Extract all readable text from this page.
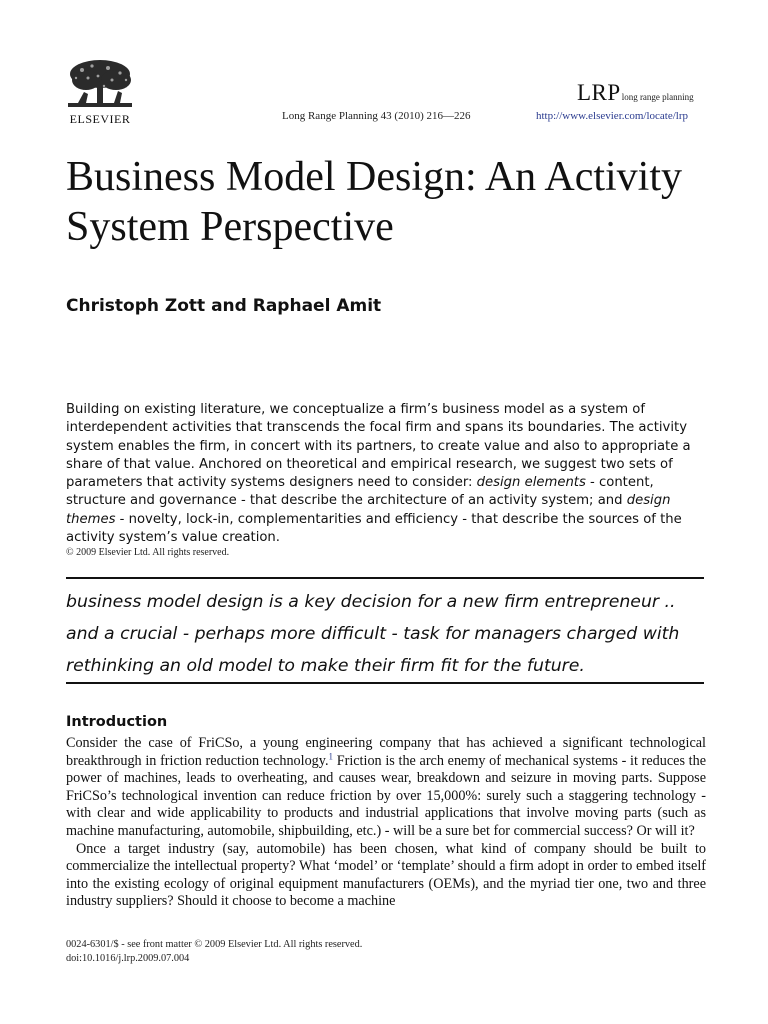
ELSEVIER	Long Range Planning 43 (2010) 216—226
LRPlong range planning
http://www.elsevier.com/locate/lrp
Business Model Design: An Activity System Perspective
Christoph Zott and Raphael Amit

Building on existing literature, we conceptualize a firm’s business model as a system of interdependent activities that transcends the focal firm and spans its boundaries. The activity system enables the firm, in concert with its partners, to create value and also to appropriate a share of that value. Anchored on theoretical and empirical research, we suggest two sets of parameters that activity systems designers need to consider: design elements - content, structure and governance - that describe the architecture of an activity system; and design themes - novelty, lock-in, complementarities and efficiency - that describe the sources of the activity system’s value creation.

© 2009 Elsevier Ltd. All rights reserved.

business model design is a key decision for a new firm entrepreneur .. and a crucial - perhaps more difficult - task for managers charged with rethinking an old model to make their firm fit for the future.

Introduction

Consider the case of FriCSo, a young engineering company that has achieved a significant technological breakthrough in friction reduction technology.$^1$ Friction is the arch enemy of mechanical systems - it reduces the power of machines, leads to overheating, and causes wear, breakdown and seizure in moving parts. Suppose FriCSo’s technological invention can reduce friction by over 15,000%: surely such a staggering technology - with clear and wide applicability to products and industrial applications that involve moving parts (such as machine manufacturing, automobile, shipbuilding, etc.) - will be a sure bet for commercial success? Or will it?

Once a target industry (say, automobile) has been chosen, what kind of company should be built to commercialize the intellectual property? What ‘model’ or ‘template’ should a firm adopt in order to embed itself into the existing ecology of original equipment manufacturers (OEMs), and the myriad tier one, two and three industry suppliers? Should it choose to become a machine

0024-6301/$ - see front matter © 2009 Elsevier Ltd. All rights reserved.
doi:10.1016/j.lrp.2009.07.004
